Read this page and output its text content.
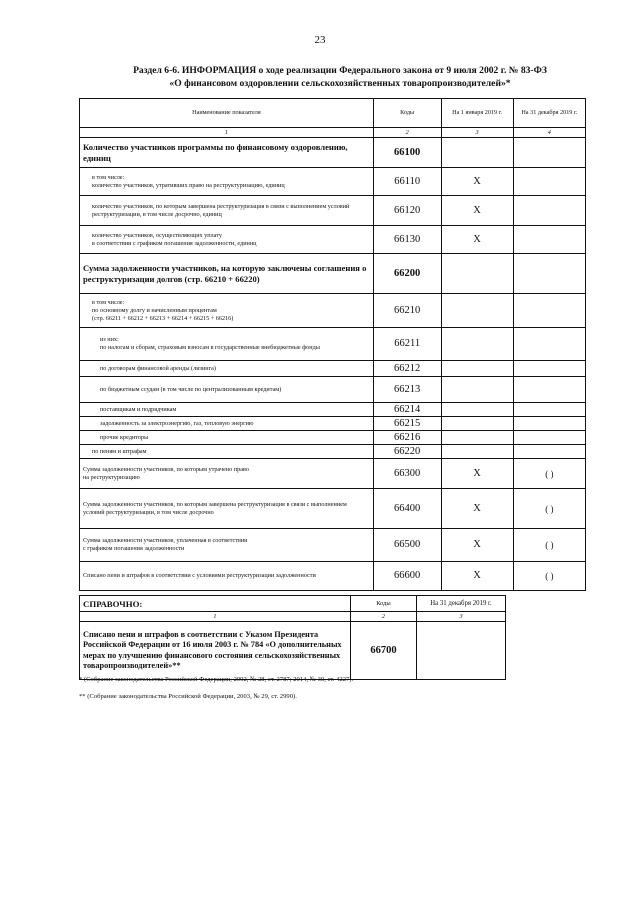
23
Раздел 6-6. ИНФОРМАЦИЯ о ходе реализации Федерального закона от 9 июля 2002 г. № 83-ФЗ
«О финансовом оздоровлении сельскохозяйственных товаропроизводителей»*
Наименование показателя	Коды	На 1 января 2019 г.	На 31 декабря 2019 г.
1	2	3	4
Количество участников программы по финансовому оздоровлению, единиц	66100		

в том числе:
количество участников, утративших право на реструктуризацию, единиц	66110	X	
количество участников, по которым завершена реструктуризация в связи с выполнением условий реструктуризации, в том числе досрочно, единиц	66120	X	

количество участников, осуществляющих уплату
в соответствии с графиком погашения задолженности, единиц	66130	X	
Сумма задолженности участников, на которую заключены соглашения о реструктуризации долгов (стр. 66210 + 66220)	66200		

в том числе:
по основному долгу и начисленным процентам
(стр. 66211 + 66212 + 66213 + 66214 + 66215 + 66216)	66210		

из них:
по налогам и сборам, страховым взносам в государственные внебюджетные фонды	66211		
по договорам финансовой аренды (лизинга)	66212		
по бюджетным ссудам (в том числе по централизованным кредитам)	66213		
поставщикам и подрядчикам	66214		
задолженность за электроэнергию, газ, тепловую энергию	66215		
прочие кредиторы	66216		
по пеням и штрафам	66220		

Сумма задолженности участников, по которым утрачено право
на реструктуризацию	66300	X	( )
Сумма задолженности участников, по которым завершена реструктуризация в связи с выполнением условий реструктуризации, в том числе досрочно	66400	X	( )

Сумма задолженности участников, уплаченная в соответствии
с графиком погашения задолженности	66500	X	( )
Списано пени и штрафов в соответствии с условиями реструктуризации задолженности	66600	X	( )
СПРАВОЧНО:	Коды	На 31 декабря 2019 г.
1	2	3
Списано пени и штрафов в соответствии с Указом Президента Российской Федерации от 16 июля 2003 г. № 784 «О дополнительных мерах по улучшению финансового состояния сельскохозяйственных товаропроизводителей»**	66700	
* (Собрание законодательства Российской Федерации, 2002, № 28, ст. 2787; 2014, № 30, ст. 4227).
** (Собрание законодательства Российской Федерации, 2003, № 29, ст. 2990).
